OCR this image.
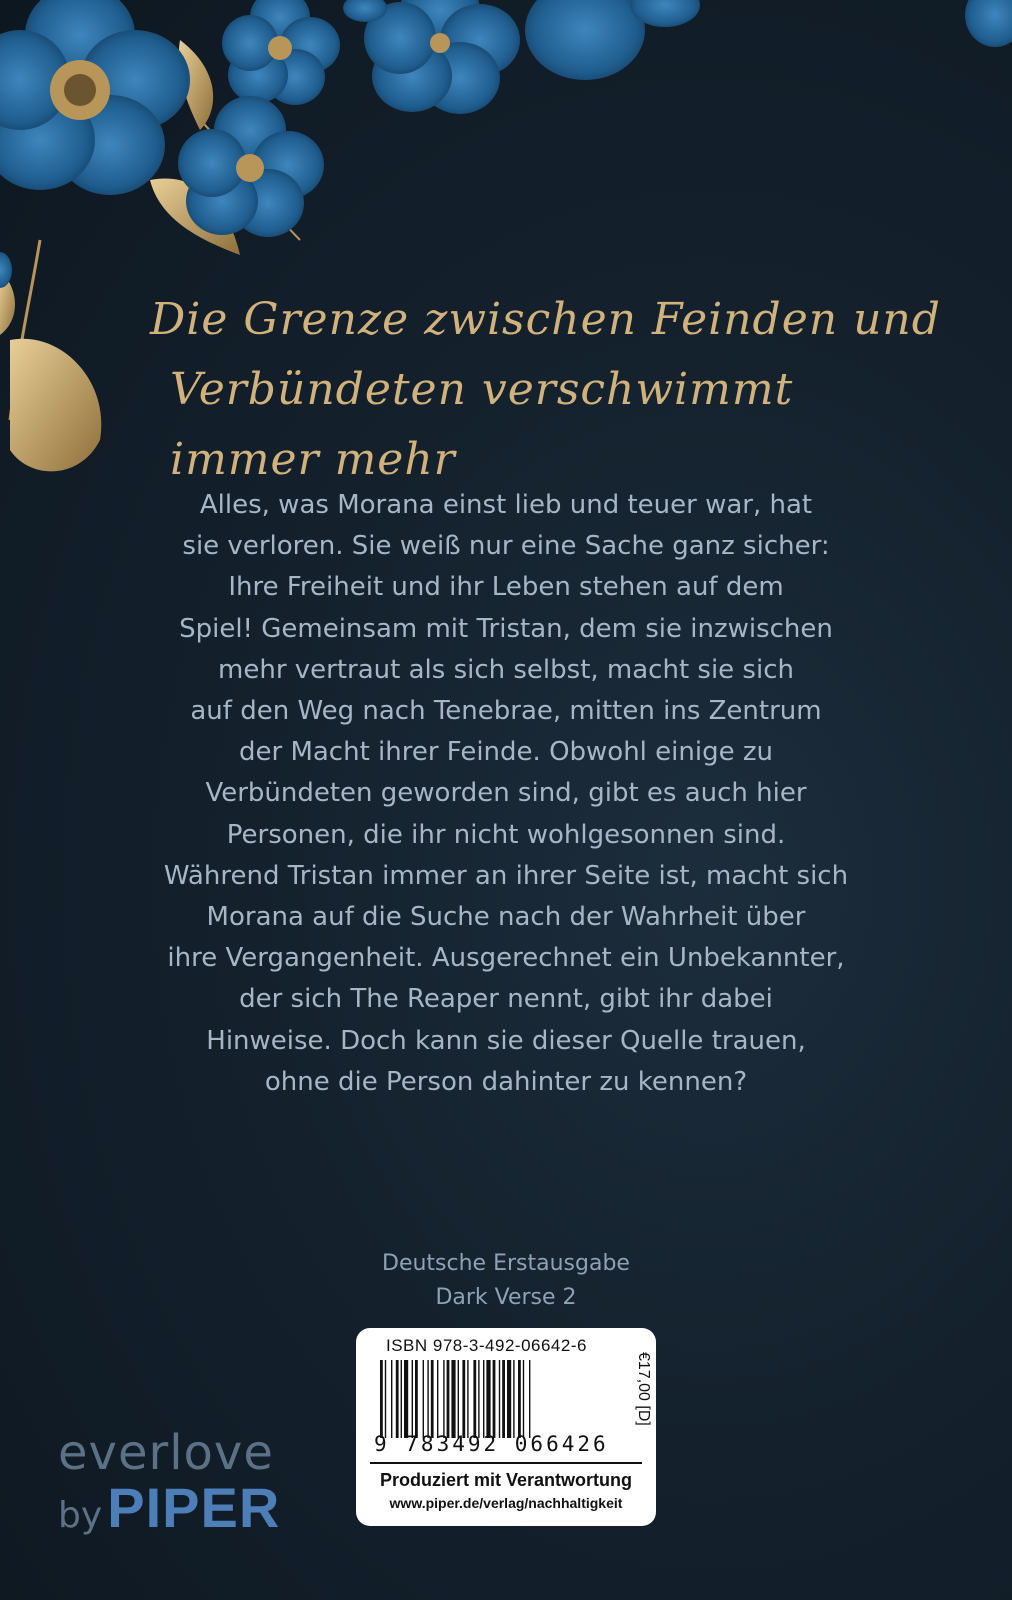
Die Grenze zwischen Feinden und
Verbündeten verschwimmt immer mehr
Alles, was Morana einst lieb und teuer war, hat
sie verloren. Sie weiß nur eine Sache ganz sicher:
Ihre Freiheit und ihr Leben stehen auf dem
Spiel! Gemeinsam mit Tristan, dem sie inzwischen
mehr vertraut als sich selbst, macht sie sich
auf den Weg nach Tenebrae, mitten ins Zentrum
der Macht ihrer Feinde. Obwohl einige zu
Verbündeten geworden sind, gibt es auch hier
Personen, die ihr nicht wohlgesonnen sind.
Während Tristan immer an ihrer Seite ist, macht sich
Morana auf die Suche nach der Wahrheit über
ihre Vergangenheit. Ausgerechnet ein Unbekannter,
der sich The Reaper nennt, gibt ihr dabei
Hinweise. Doch kann sie dieser Quelle trauen,
ohne die Person dahinter zu kennen?
Deutsche Erstausgabe
Dark Verse 2
ISBN 978-3-492-06642-6
9 783492 066426
€17,00 [D]
Produziert mit Verantwortung
www.piper.de/verlag/nachhaltigkeit
everlove
by PIPER
